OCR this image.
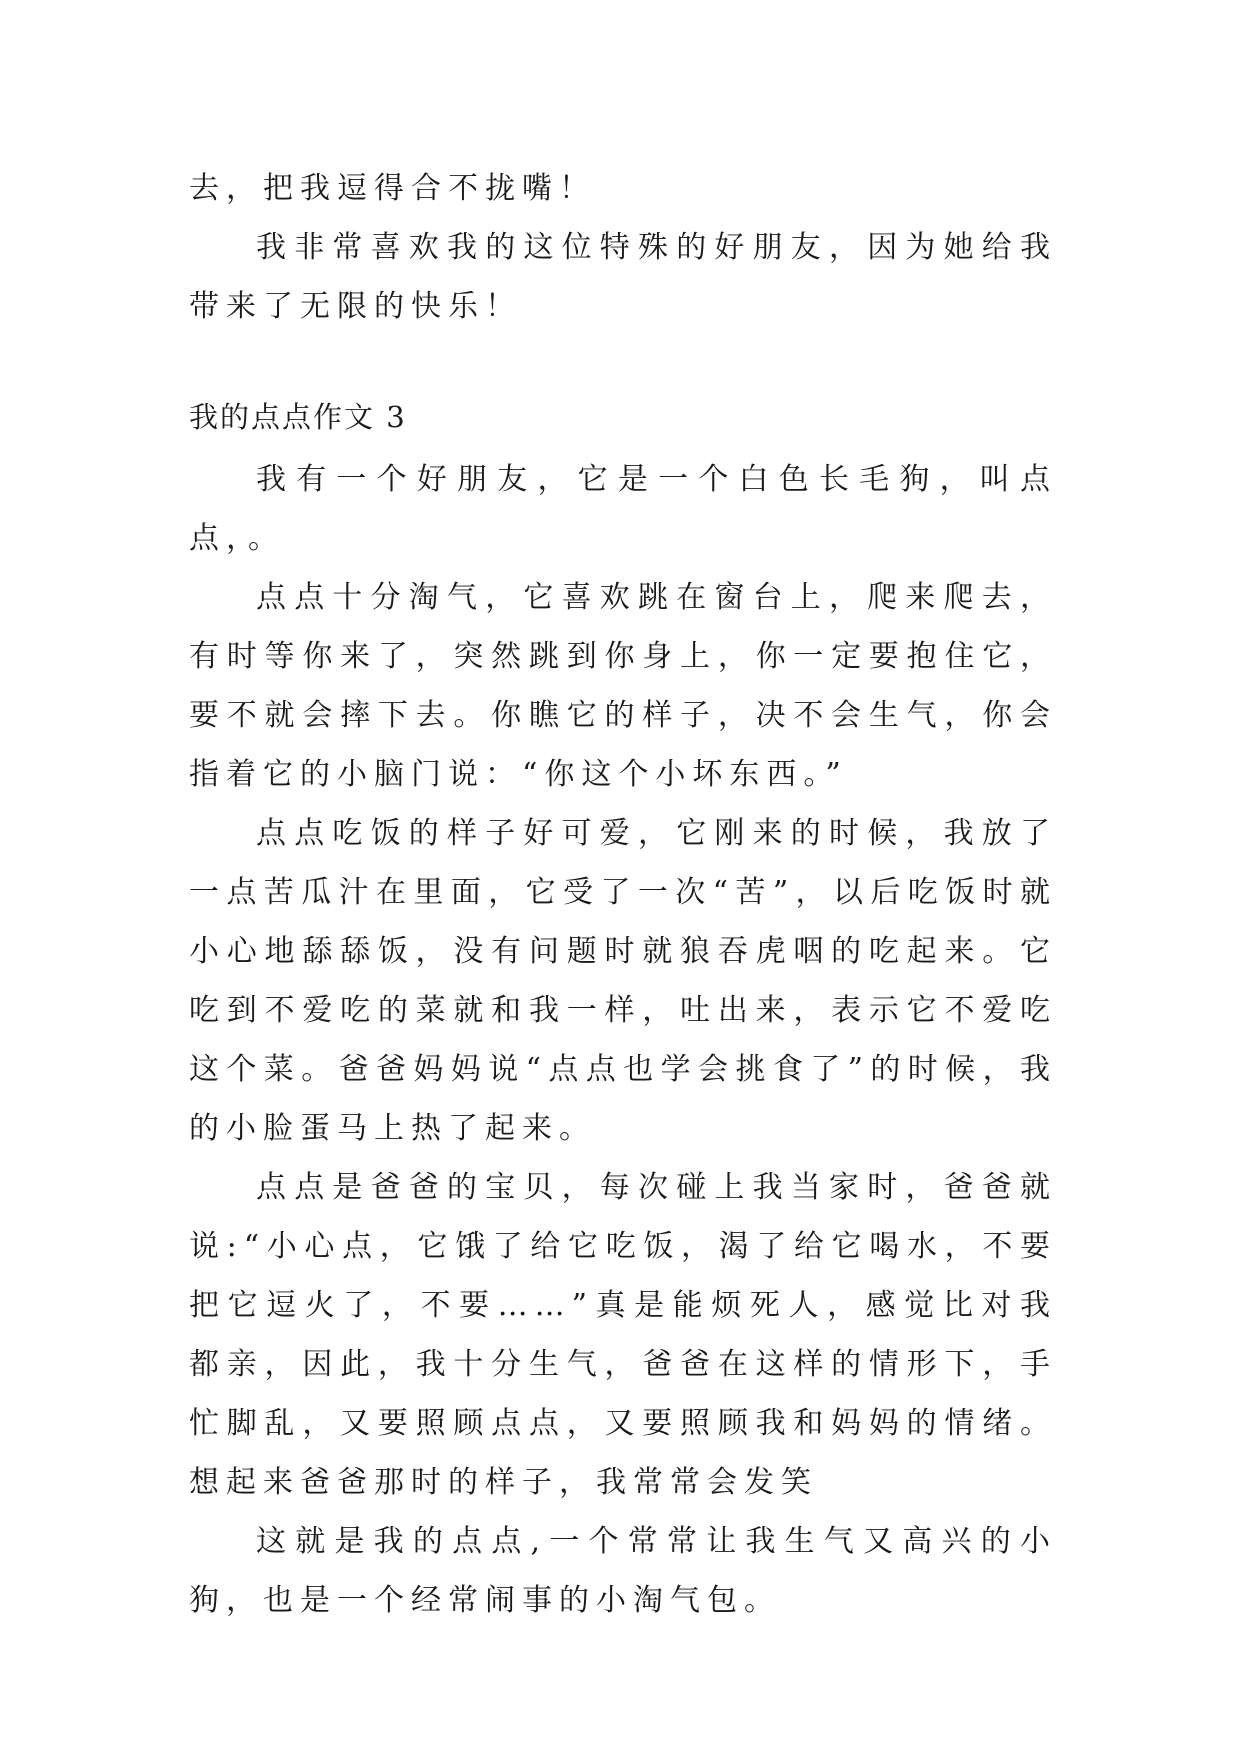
去，把我逗得合不拢嘴！

我非常喜欢我的这位特殊的好朋友，因为她给我带来了无限的快乐！

我的点点作文 3

我有一个好朋友，它是一个白色长毛狗，叫点点，。

点点十分淘气，它喜欢跳在窗台上，爬来爬去，有时等你来了，突然跳到你身上，你一定要抱住它，要不就会摔下去。你瞧它的样子，决不会生气，你会指着它的小脑门说：“你这个小坏东西。”

点点吃饭的样子好可爱，它刚来的时候，我放了一点苦瓜汁在里面，它受了一次“苦”，以后吃饭时就小心地舔舔饭，没有问题时就狼吞虎咽的吃起来。它吃到不爱吃的菜就和我一样，吐出来，表示它不爱吃这个菜。爸爸妈妈说“点点也学会挑食了”的时候，我的小脸蛋马上热了起来。

点点是爸爸的宝贝，每次碰上我当家时，爸爸就说:“小心点，它饿了给它吃饭，渴了给它喝水，不要把它逗火了，不要……”真是能烦死人，感觉比对我都亲，因此，我十分生气，爸爸在这样的情形下，手忙脚乱，又要照顾点点，又要照顾我和妈妈的情绪。想起来爸爸那时的样子，我常常会发笑

这就是我的点点,一个常常让我生气又高兴的小狗，也是一个经常闹事的小淘气包。
